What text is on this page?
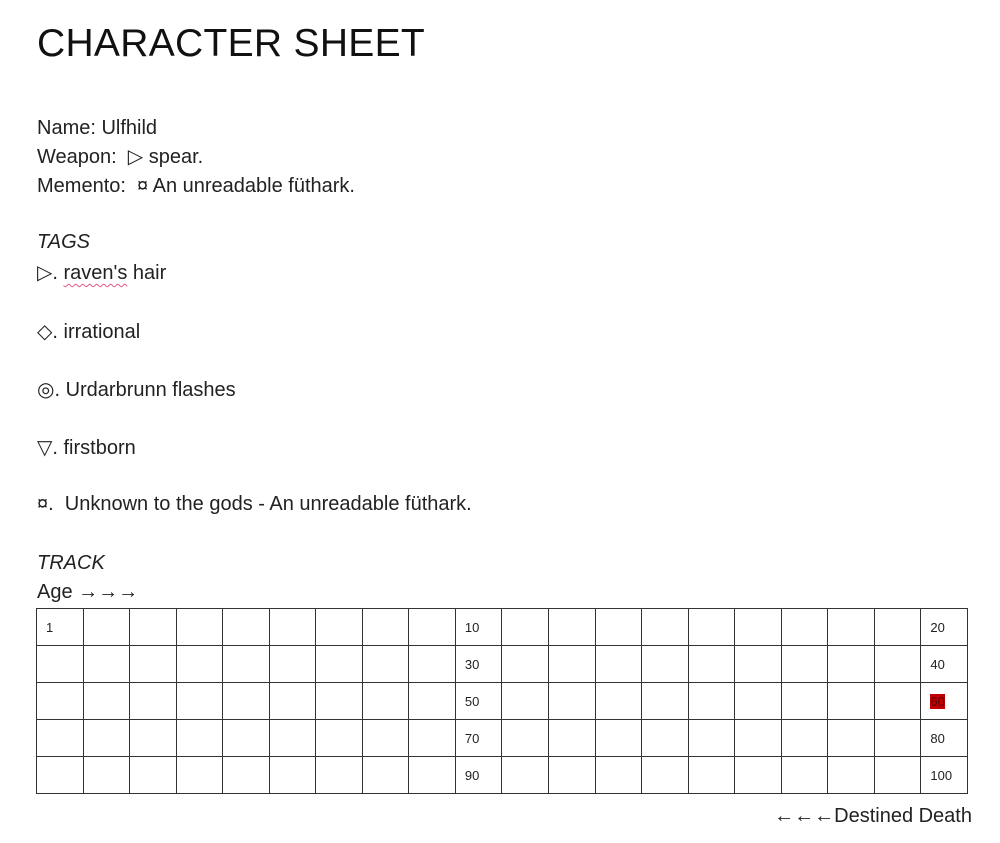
CHARACTER SHEET
Name: Ulfhild
Weapon:  ▷ spear.
Memento:  ¤ An unreadable füthark.
TAGS
▷. raven's hair
◇. irrational
◎. Urdarbrunn flashes
▽. firstborn
¤.  Unknown to the gods - An unreadable füthark.
TRACK
Age →→→
1									10										20
									30										40
									50										60
									70										80
									90										100
←←←Destined Death
